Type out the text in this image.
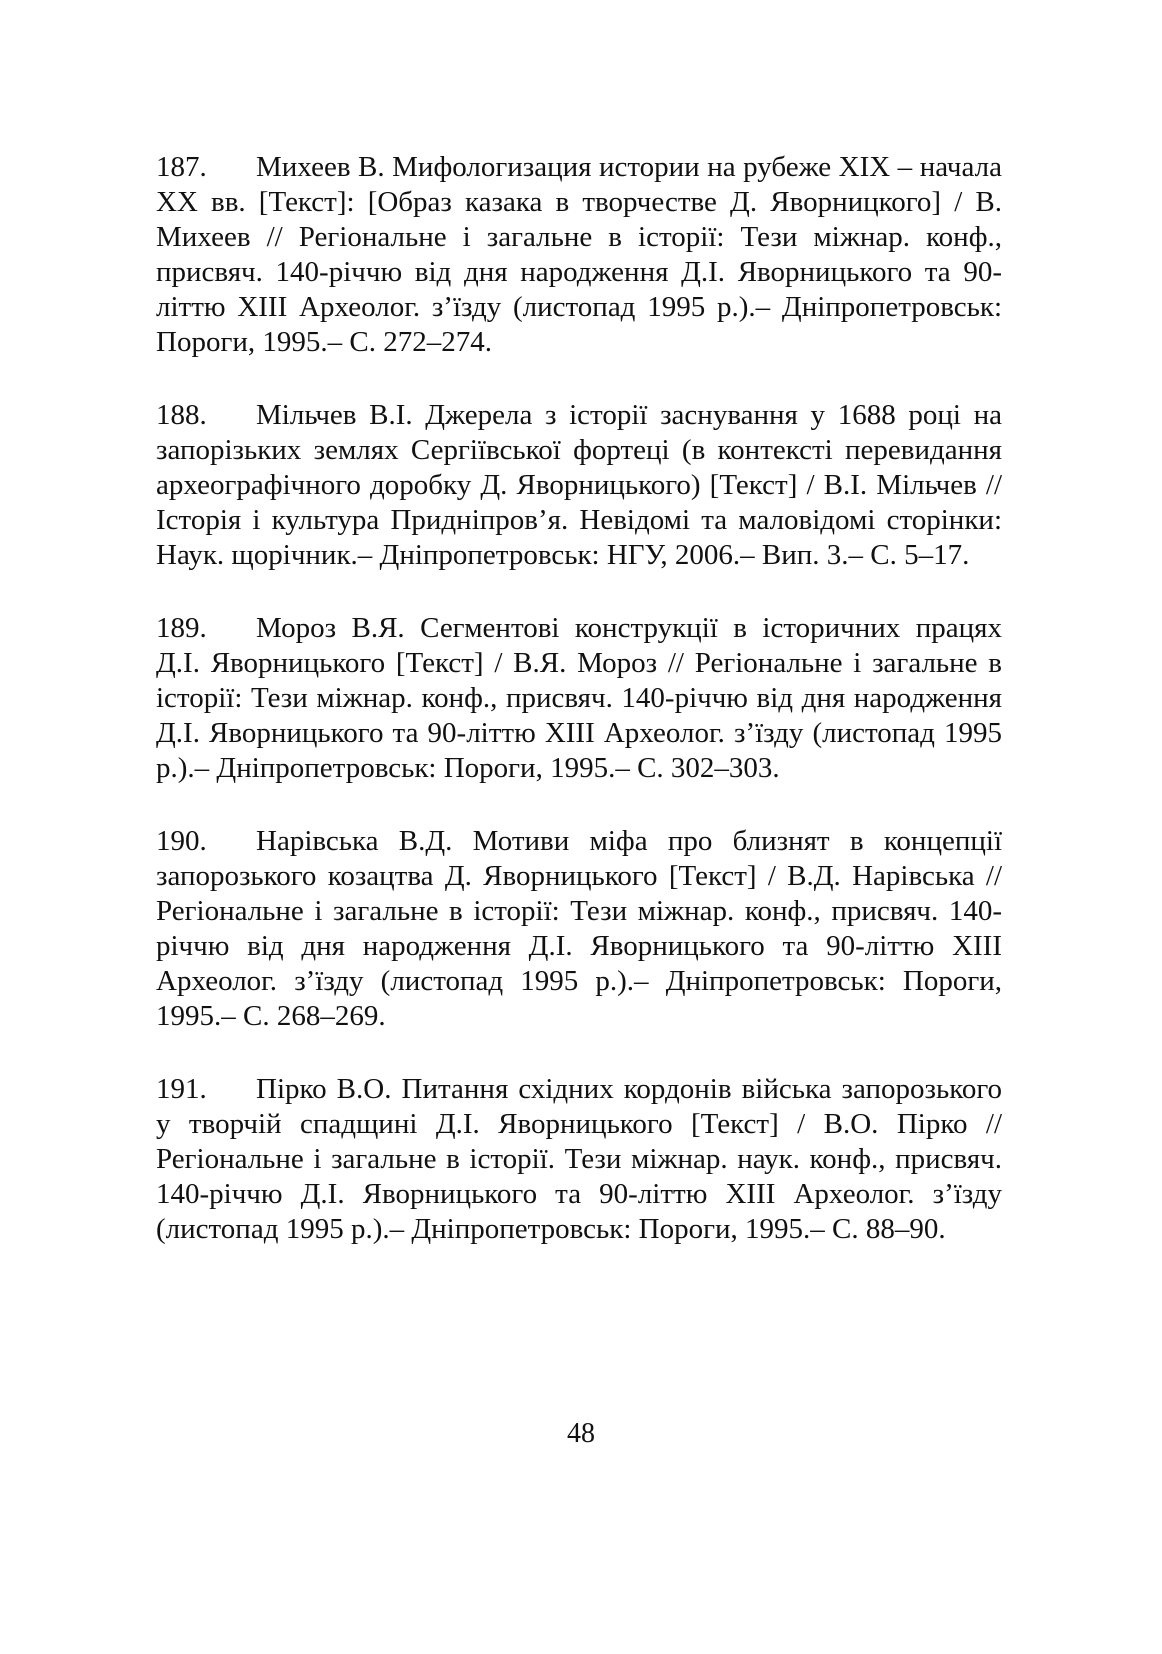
187. Михеев В. Мифологизация истории на рубеже XIX – начала XX вв. [Текст]: [Образ казака в творчестве Д. Яворницкого] / В. Михеев // Регіональне і загальне в історії: Тези міжнар. конф., присвяч. 140-річчю від дня народження Д.І. Яворницького та 90-літтю XIII Археолог. з’їзду (листопад 1995 р.).– Дніпропетровськ: Пороги, 1995.– С. 272–274.

188. Мільчев В.І. Джерела з історії заснування у 1688 році на запорізьких землях Сергіївської фортеці (в контексті перевидання археографічного доробку Д. Яворницького) [Текст] / В.І. Мільчев // Історія і культура Придніпров’я. Невідомі та маловідомі сторінки: Наук. щорічник.– Дніпропетровськ: НГУ, 2006.– Вип. 3.– С. 5–17.

189. Мороз В.Я. Сегментові конструкції в історичних працях Д.І. Яворницького [Текст] / В.Я. Мороз // Регіональне і загальне в історії: Тези міжнар. конф., присвяч. 140-річчю від дня народження Д.І. Яворницького та 90-літтю XIII Археолог. з’їзду (листопад 1995 р.).– Дніпропетровськ: Пороги, 1995.– С. 302–303.

190. Нарівська В.Д. Мотиви міфа про близнят в концепції запорозького козацтва Д. Яворницького [Текст] / В.Д. Нарівська // Регіональне і загальне в історії: Тези міжнар. конф., присвяч. 140-річчю від дня народження Д.І. Яворницького та 90-літтю XIII Археолог. з’їзду (листопад 1995 р.).– Дніпропетровськ: Пороги, 1995.– С. 268–269.

191. Пірко В.О. Питання східних кордонів війська запорозького у творчій спадщині Д.І. Яворницького [Текст] / В.О. Пірко // Регіональне і загальне в історії. Тези міжнар. наук. конф., присвяч. 140-річчю Д.І. Яворницького та 90-літтю XIII Археолог. з’їзду (листопад 1995 р.).– Дніпропетровськ: Пороги, 1995.– С. 88–90.

48
